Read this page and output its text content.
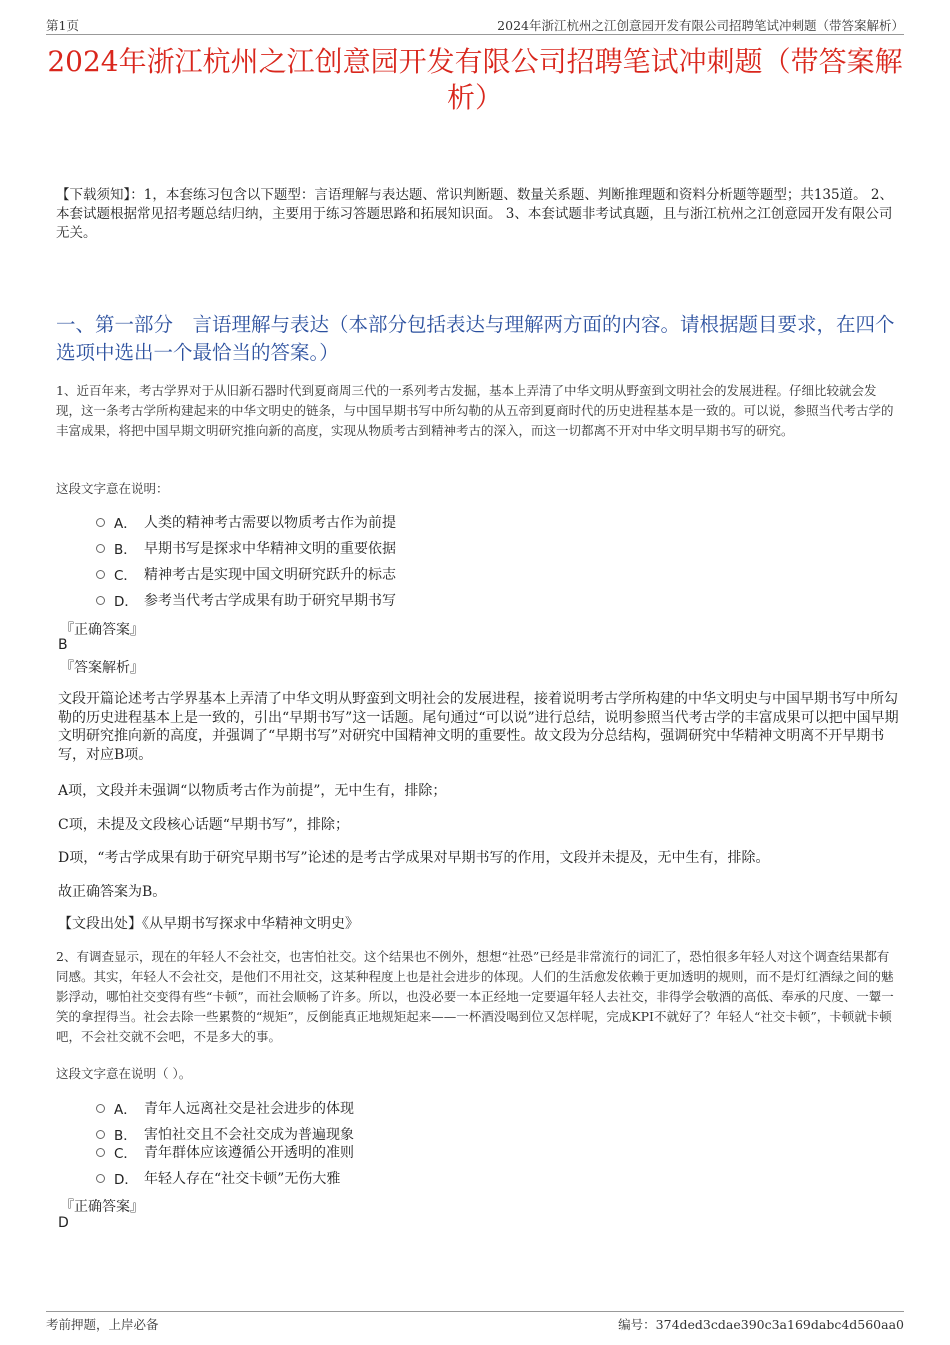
第1页	2024年浙江杭州之江创意园开发有限公司招聘笔试冲刺题（带答案解析）
2024年浙江杭州之江创意园开发有限公司招聘笔试冲刺题（带答案解析）
【下载须知】：1，本套练习包含以下题型：言语理解与表达题、常识判断题、数量关系题、判断推理题和资料分析题等题型；共135道。 2、本套试题根据常见招考题总结归纳，主要用于练习答题思路和拓展知识面。 3、本套试题非考试真题，且与浙江杭州之江创意园开发有限公司无关。
一、第一部分　言语理解与表达（本部分包括表达与理解两方面的内容。请根据题目要求，在四个选项中选出一个最恰当的答案。）
1、近百年来，考古学界对于从旧新石器时代到夏商周三代的一系列考古发掘，基本上弄清了中华文明从野蛮到文明社会的发展进程。仔细比较就会发现，这一条考古学所构建起来的中华文明史的链条，与中国早期书写中所勾勒的从五帝到夏商时代的历史进程基本是一致的。可以说，参照当代考古学的丰富成果，将把中国早期文明研究推向新的高度，实现从物质考古到精神考古的深入，而这一切都离不开对中华文明早期书写的研究。
这段文字意在说明：
A． 人类的精神考古需要以物质考古作为前提
B． 早期书写是探求中华精神文明的重要依据
C． 精神考古是实现中国文明研究跃升的标志
D． 参考当代考古学成果有助于研究早期书写
『正确答案』
B
『答案解析』
文段开篇论述考古学界基本上弄清了中华文明从野蛮到文明社会的发展进程，接着说明考古学所构建的中华文明史与中国早期书写中所勾勒的历史进程基本上是一致的，引出“早期书写”这一话题。尾句通过“可以说”进行总结，说明参照当代考古学的丰富成果可以把中国早期文明研究推向新的高度，并强调了“早期书写”对研究中国精神文明的重要性。故文段为分总结构，强调研究中华精神文明离不开早期书写，对应B项。
A项，文段并未强调“以物质考古作为前提”，无中生有，排除；
C项，未提及文段核心话题“早期书写”，排除；
D项，“考古学成果有助于研究早期书写”论述的是考古学成果对早期书写的作用，文段并未提及，无中生有，排除。
故正确答案为B。
【文段出处】《从早期书写探求中华精神文明史》
2、有调查显示，现在的年轻人不会社交，也害怕社交。这个结果也不例外，想想“社恐”已经是非常流行的词汇了，恐怕很多年轻人对这个调查结果都有同感。其实，年轻人不会社交，是他们不用社交，这某种程度上也是社会进步的体现。人们的生活愈发依赖于更加透明的规则，而不是灯红酒绿之间的魅影浮动，哪怕社交变得有些“卡顿”，而社会顺畅了许多。所以，也没必要一本正经地一定要逼年轻人去社交，非得学会敬酒的高低、奉承的尺度、一颦一笑的拿捏得当。社会去除一些累赘的“规矩”，反倒能真正地规矩起来——一杯酒没喝到位又怎样呢，完成KPI不就好了？年轻人“社交卡顿”，卡顿就卡顿吧，不会社交就不会吧，不是多大的事。
这段文字意在说明（ ）。
A． 青年人远离社交是社会进步的体现
B． 害怕社交且不会社交成为普遍现象
C． 青年群体应该遵循公开透明的准则
D． 年轻人存在“社交卡顿”无伤大雅
『正确答案』
D
考前押题，上岸必备	编号：374ded3cdae390c3a169dabc4d560aa0
